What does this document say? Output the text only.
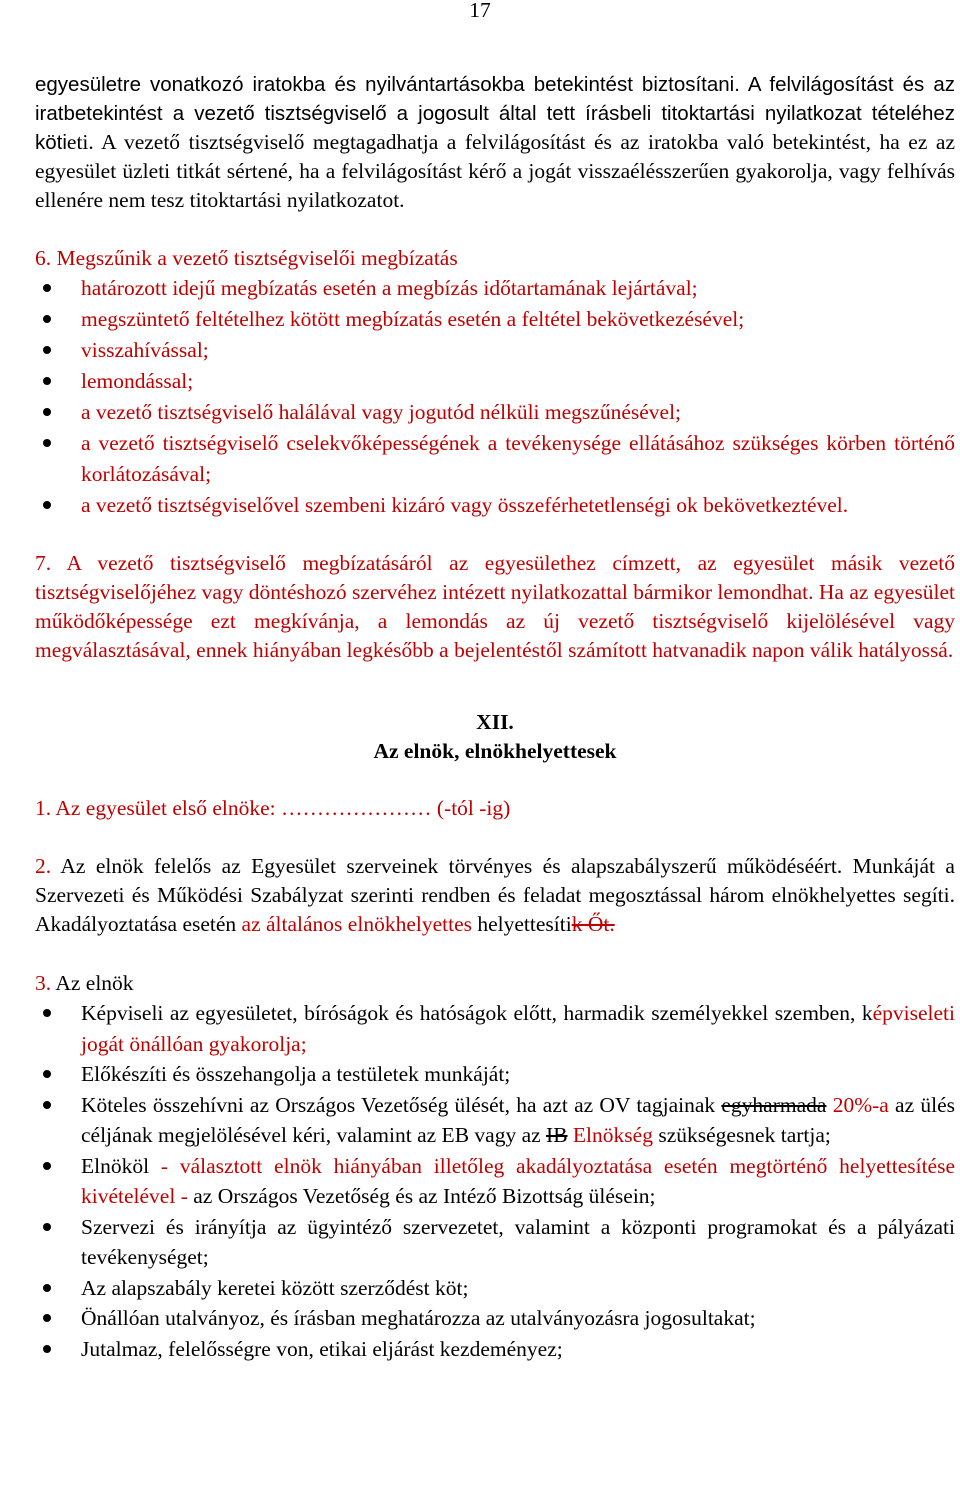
17

egyesületre vonatkozó iratokba és nyilvántartásokba betekintést biztosítani. A felvilágosítást és az iratbetekintést a vezető tisztségviselő a jogosult által tett írásbeli titoktartási nyilatkozat tételéhez kötieti. A vezető tisztségviselő megtagadhatja a felvilágosítást és az iratokba való betekintést, ha ez az egyesület üzleti titkát sértené, ha a felvilágosítást kérő a jogát visszaélésszerűen gyakorolja, vagy felhívás ellenére nem tesz titoktartási nyilatkozatot.

6. Megszűnik a vezető tisztségviselői megbízatás

határozott idejű megbízatás esetén a megbízás időtartamának lejártával;
megszüntető feltételhez kötött megbízatás esetén a feltétel bekövetkezésével;
visszahívással;
lemondással;
a vezető tisztségviselő halálával vagy jogutód nélküli megszűnésével;
a vezető tisztségviselő cselekvőképességének a tevékenysége ellátásához szükséges körben történő korlátozásával;
a vezető tisztségviselővel szembeni kizáró vagy összeférhetetlenségi ok bekövetkeztével.

7. A vezető tisztségviselő megbízatásáról az egyesülethez címzett, az egyesület másik vezető tisztségviselőjéhez vagy döntéshozó szervéhez intézett nyilatkozattal bármikor lemondhat. Ha az egyesület működőképessége ezt megkívánja, a lemondás az új vezető tisztségviselő kijelölésével vagy megválasztásával, ennek hiányában legkésőbb a bejelentéstől számított hatvanadik napon válik hatályossá.

XII.
Az elnök, elnökhelyettesek

1. Az egyesület első elnöke: ………………… (-tól -ig)

2. Az elnök felelős az Egyesület szerveinek törvényes és alapszabályszerű működéséért. Munkáját a Szervezeti és Működési Szabályzat szerinti rendben és feladat megosztással három elnökhelyettes segíti. Akadályoztatása esetén az általános elnökhelyettes helyettesítik Őt.

3. Az elnök

Képviseli az egyesületet, bíróságok és hatóságok előtt, harmadik személyekkel szemben, képviseleti jogát önállóan gyakorolja;
Előkészíti és összehangolja a testületek munkáját;
Köteles összehívni az Országos Vezetőség ülését, ha azt az OV tagjainak egyharmada 20%-a az ülés céljának megjelölésével kéri, valamint az EB vagy az IB Elnökség szükségesnek tartja;
Elnököl - választott elnök hiányában illetőleg akadályoztatása esetén megtörténő helyettesítése kivételével - az Országos Vezetőség és az Intéző Bizottság ülésein;
Szervezi és irányítja az ügyintéző szervezetet, valamint a központi programokat és a pályázati tevékenységet;
Az alapszabály keretei között szerződést köt;
Önállóan utalványoz, és írásban meghatározza az utalványozásra jogosultakat;
Jutalmaz, felelősségre von, etikai eljárást kezdeményez;
